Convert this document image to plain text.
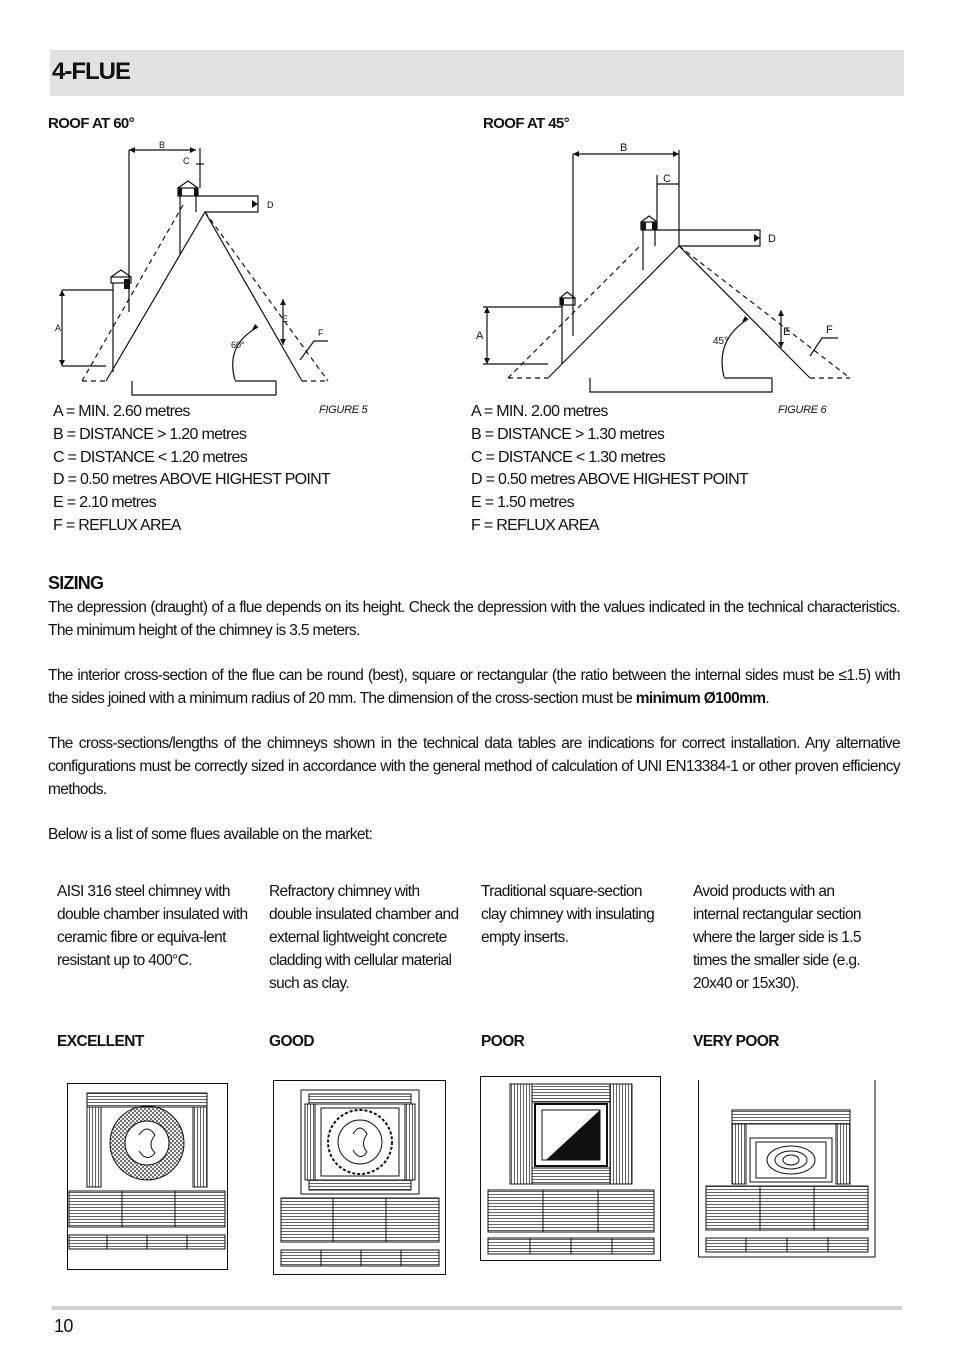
4-FLUE
ROOF AT 60°	ROOF AT 45°
B
C
D
A
E
F
60°
B
C
D
A	E	F
45°
A = MIN. 2.60 metres
B = DISTANCE > 1.20 metres
C = DISTANCE < 1.20 metres
D = 0.50 metres ABOVE HIGHEST POINT
E = 2.10 metres
F = REFLUX AREA
FIGURE 5	A = MIN. 2.00 metres
B = DISTANCE > 1.30 metres
C = DISTANCE < 1.30 metres
D = 0.50 metres ABOVE HIGHEST POINT
E = 1.50 metres
F = REFLUX AREA
FIGURE 6
SIZING
The depression (draught) of a flue depends on its height. Check the depression with the values indicated in the technical characteristics. The minimum height of the chimney is 3.5 meters.
The interior cross-section of the flue can be round (best), square or rectangular (the ratio between the internal sides must be ≤1.5) with the sides joined with a minimum radius of 20 mm. The dimension of the cross-section must be minimum Ø100mm.
The cross-sections/lengths of the chimneys shown in the technical data tables are indications for correct installation. Any alternative configurations must be correctly sized in accordance with the general method of calculation of UNI EN13384-1 or other proven efficiency methods.
Below is a list of some flues available on the market:
AISI 316 steel chimney with double chamber insulated with ceramic fibre or equiva-lent resistant up to 400°C.
Refractory chimney with double insulated chamber and external lightweight concrete cladding with cellular material such as clay.
Traditional square-section clay chimney with insulating empty inserts.
Avoid products with an internal rectangular section where the larger side is 1.5 times the smaller side (e.g. 20x40 or 15x30).
EXCELLENT	GOOD	POOR	VERY POOR
10
